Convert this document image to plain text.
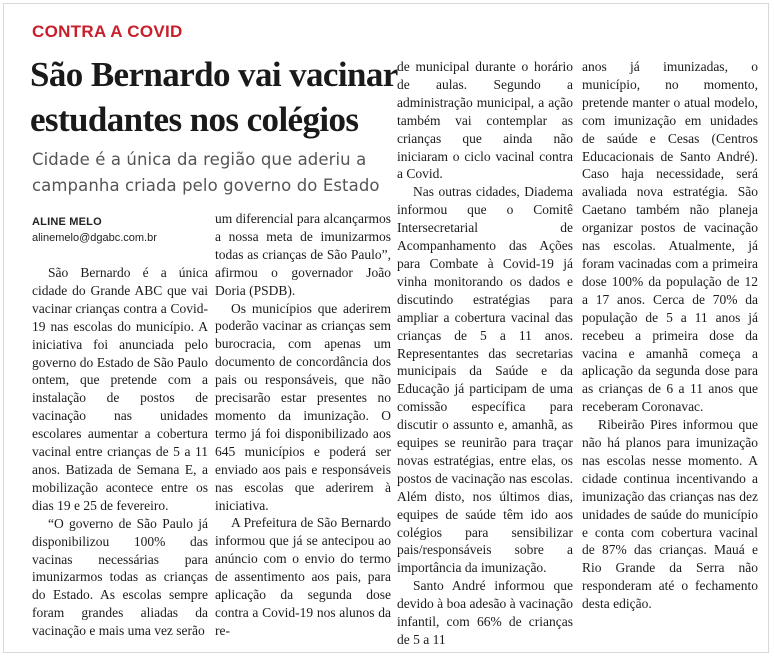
CONTRA A COVID
São Bernardo vai vacinar estudantes nos colégios

Cidade é a única da região que aderiu a campanha criada pelo governo do Estado

ALINE MELO
alinemelo@dgabc.com.br

São Bernardo é a única cidade do Grande ABC que vai vacinar crianças contra a Covid-19 nas escolas do município. A iniciativa foi anunciada pelo governo do Estado de São Paulo ontem, que pretende com a instalação de postos de vacinação nas unidades escolares aumentar a cobertura vacinal entre crianças de 5 a 11 anos. Batizada de Semana E, a mobilização acontece entre os dias 19 e 25 de fevereiro.

“O governo de São Paulo já disponibilizou 100% das vacinas necessárias para imunizarmos todas as crianças do Estado. As escolas sempre foram grandes aliadas da vacinação e mais uma vez serão

um diferencial para alcançarmos a nossa meta de imunizarmos todas as crianças de São Paulo”, afirmou o governador João Doria (PSDB).

Os municípios que aderirem poderão vacinar as crianças sem burocracia, com apenas um documento de concordância dos pais ou responsáveis, que não precisarão estar presentes no momento da imunização. O termo já foi disponibilizado aos 645 municípios e poderá ser enviado aos pais e responsáveis nas escolas que aderirem à iniciativa.

A Prefeitura de São Bernardo informou que já se antecipou ao anúncio com o envio do termo de assentimento aos pais, para aplicação da segunda dose contra a Covid-19 nos alunos da re-

de municipal durante o horário de aulas. Segundo a administração municipal, a ação também vai contemplar as crianças que ainda não iniciaram o ciclo vacinal contra a Covid.

Nas outras cidades, Diadema informou que o Comitê Intersecretarial de Acompanhamento das Ações para Combate à Covid-19 já vinha monitorando os dados e discutindo estratégias para ampliar a cobertura vacinal das crianças de 5 a 11 anos. Representantes das secretarias municipais da Saúde e da Educação já participam de uma comissão específica para discutir o assunto e, amanhã, as equipes se reunirão para traçar novas estratégias, entre elas, os postos de vacinação nas escolas. Além disto, nos últimos dias, equipes de saúde têm ido aos colégios para sensibilizar pais/responsáveis sobre a importância da imunização.

Santo André informou que devido à boa adesão à vacinação infantil, com 66% de crianças de 5 a 11

anos já imunizadas, o município, no momento, pretende manter o atual modelo, com imunização em unidades de saúde e Cesas (Centros Educacionais de Santo André). Caso haja necessidade, será avaliada nova estratégia. São Caetano também não planeja organizar postos de vacinação nas escolas. Atualmente, já foram vacinadas com a primeira dose 100% da população de 12 a 17 anos. Cerca de 70% da população de 5 a 11 anos já recebeu a primeira dose da vacina e amanhã começa a aplicação da segunda dose para as crianças de 6 a 11 anos que receberam Coronavac.

Ribeirão Pires informou que não há planos para imunização nas escolas nesse momento. A cidade continua incentivando a imunização das crianças nas dez unidades de saúde do município e conta com cobertura vacinal de 87% das crianças. Mauá e Rio Grande da Serra não responderam até o fechamento desta edição.
